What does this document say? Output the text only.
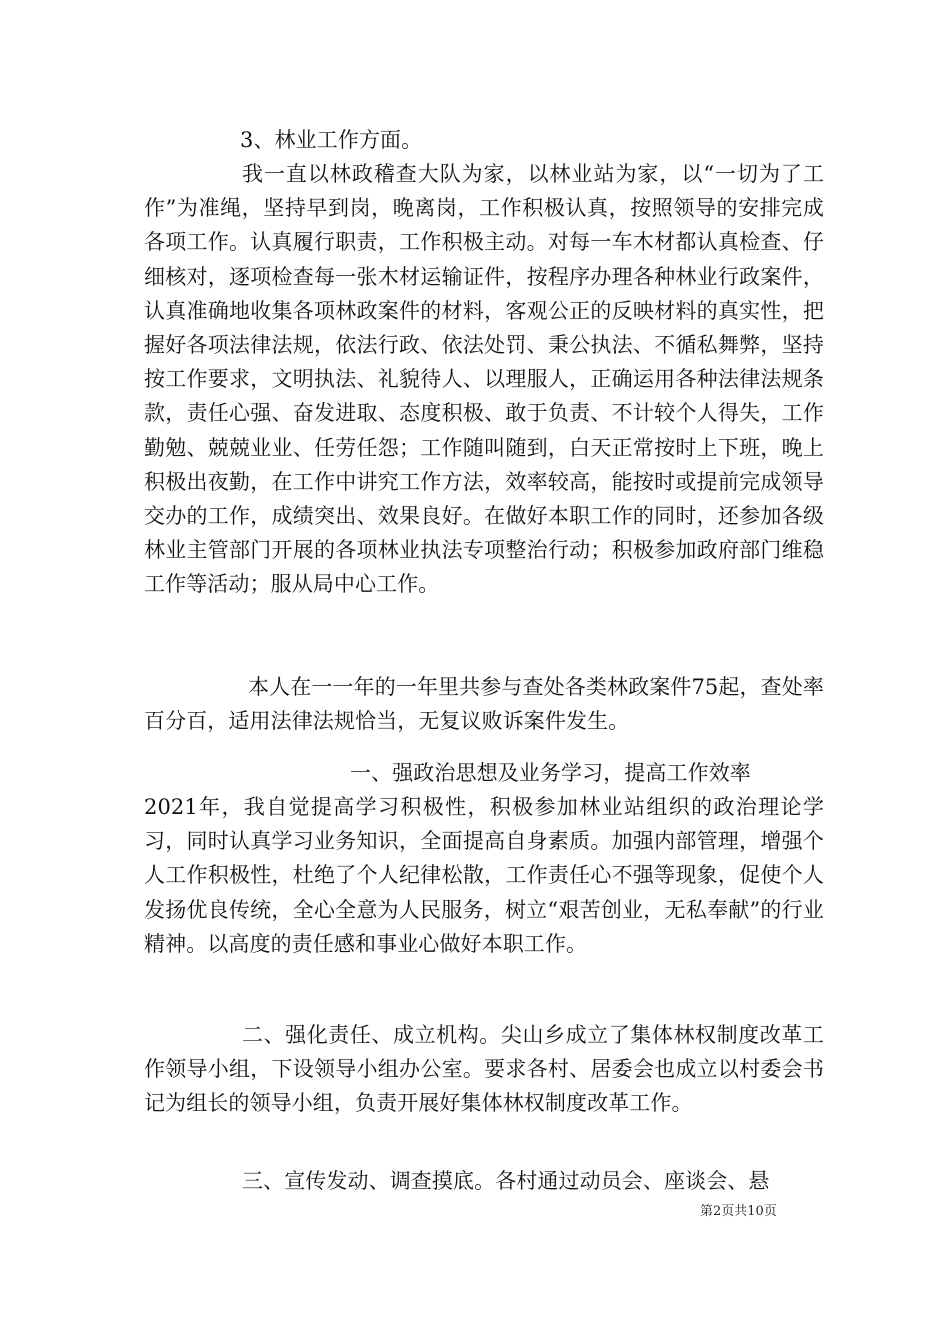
3、林业工作方面。

我一直以林政稽查大队为家，以林业站为家，以“一切为了工作”为准绳，坚持早到岗，晚离岗，工作积极认真，按照领导的安排完成各项工作。认真履行职责，工作积极主动。对每一车木材都认真检查、仔细核对，逐项检查每一张木材运输证件，按程序办理各种林业行政案件，认真准确地收集各项林政案件的材料，客观公正的反映材料的真实性，把握好各项法律法规，依法行政、依法处罚、秉公执法、不循私舞弊，坚持按工作要求，文明执法、礼貌待人、以理服人，正确运用各种法律法规条款，责任心强、奋发进取、态度积极、敢于负责、不计较个人得失，工作勤勉、兢兢业业、任劳任怨；工作随叫随到，白天正常按时上下班，晚上积极出夜勤，在工作中讲究工作方法，效率较高，能按时或提前完成领导交办的工作，成绩突出、效果良好。在做好本职工作的同时，还参加各级林业主管部门开展的各项林业执法专项整治行动；积极参加政府部门维稳工作等活动；服从局中心工作。

本人在一一年的一年里共参与查处各类林政案件75起，查处率百分百，适用法律法规恰当，无复议败诉案件发生。

一、强政治思想及业务学习，提高工作效率

2021年，我自觉提高学习积极性，积极参加林业站组织的政治理论学习，同时认真学习业务知识，全面提高自身素质。加强内部管理，增强个人工作积极性，杜绝了个人纪律松散，工作责任心不强等现象，促使个人发扬优良传统，全心全意为人民服务，树立“艰苦创业，无私奉献”的行业精神。以高度的责任感和事业心做好本职工作。

二、强化责任、成立机构。尖山乡成立了集体林权制度改革工作领导小组，下设领导小组办公室。要求各村、居委会也成立以村委会书记为组长的领导小组，负责开展好集体林权制度改革工作。

三、宣传发动、调查摸底。各村通过动员会、座谈会、悬

第2页共10页
